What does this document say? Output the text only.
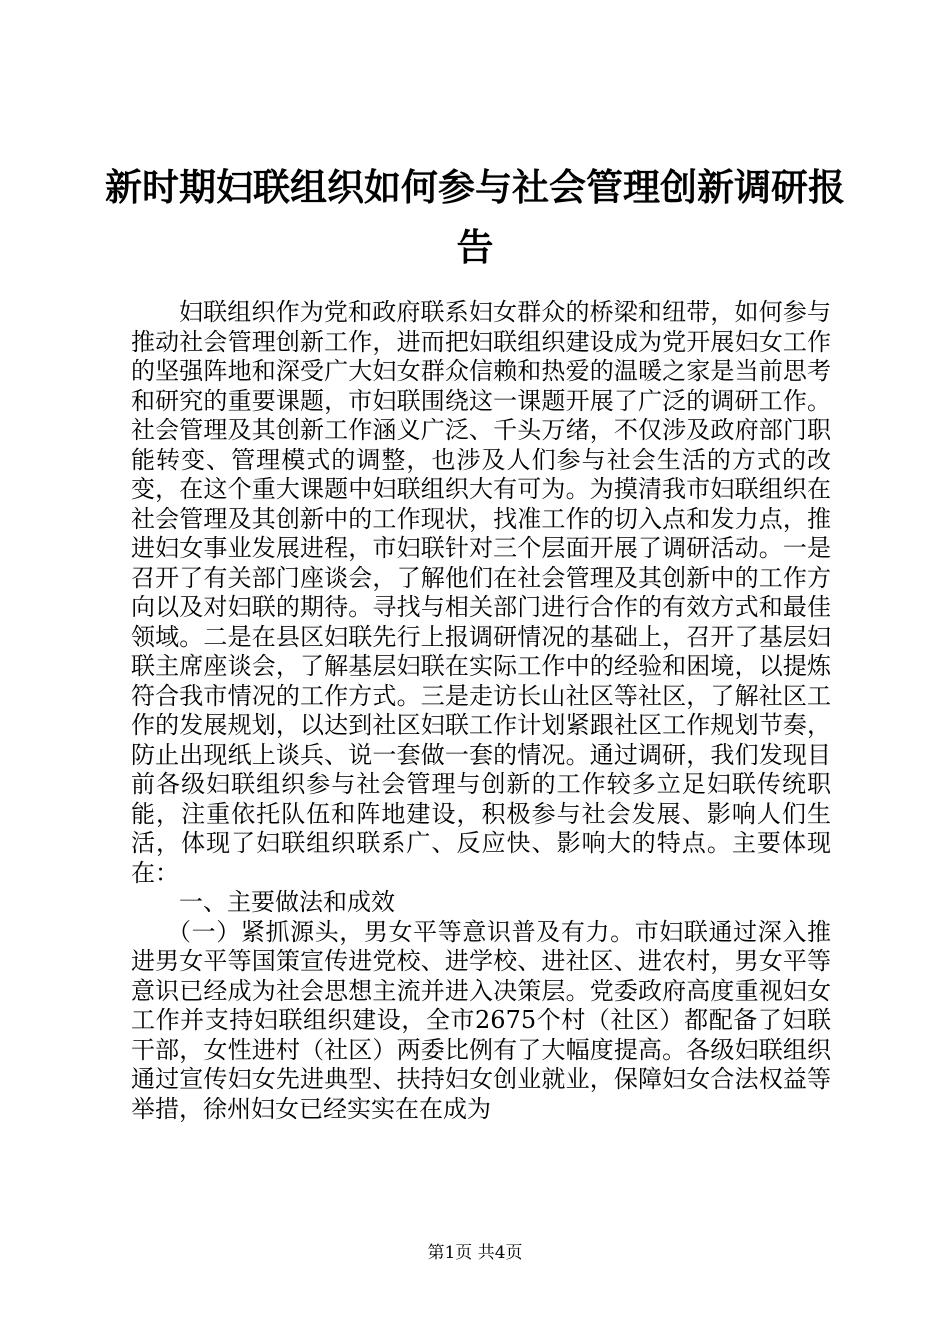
新时期妇联组织如何参与社会管理创新调研报告

妇联组织作为党和政府联系妇女群众的桥梁和纽带，如何参与推动社会管理创新工作，进而把妇联组织建设成为党开展妇女工作的坚强阵地和深受广大妇女群众信赖和热爱的温暖之家是当前思考和研究的重要课题，市妇联围绕这一课题开展了广泛的调研工作。社会管理及其创新工作涵义广泛、千头万绪，不仅涉及政府部门职能转变、管理模式的调整，也涉及人们参与社会生活的方式的改变，在这个重大课题中妇联组织大有可为。为摸清我市妇联组织在社会管理及其创新中的工作现状，找准工作的切入点和发力点，推进妇女事业发展进程，市妇联针对三个层面开展了调研活动。一是召开了有关部门座谈会，了解他们在社会管理及其创新中的工作方向以及对妇联的期待。寻找与相关部门进行合作的有效方式和最佳领域。二是在县区妇联先行上报调研情况的基础上，召开了基层妇联主席座谈会，了解基层妇联在实际工作中的经验和困境，以提炼符合我市情况的工作方式。三是走访长山社区等社区，了解社区工作的发展规划，以达到社区妇联工作计划紧跟社区工作规划节奏，防止出现纸上谈兵、说一套做一套的情况。通过调研，我们发现目前各级妇联组织参与社会管理与创新的工作较多立足妇联传统职能，注重依托队伍和阵地建设，积极参与社会发展、影响人们生活，体现了妇联组织联系广、反应快、影响大的特点。主要体现在：

一、主要做法和成效

（一）紧抓源头，男女平等意识普及有力。市妇联通过深入推进男女平等国策宣传进党校、进学校、进社区、进农村，男女平等意识已经成为社会思想主流并进入决策层。党委政府高度重视妇女工作并支持妇联组织建设，全市2675个村（社区）都配备了妇联干部，女性进村（社区）两委比例有了大幅度提高。各级妇联组织通过宣传妇女先进典型、扶持妇女创业就业，保障妇女合法权益等举措，徐州妇女已经实实在在成为

第1页 共4页
